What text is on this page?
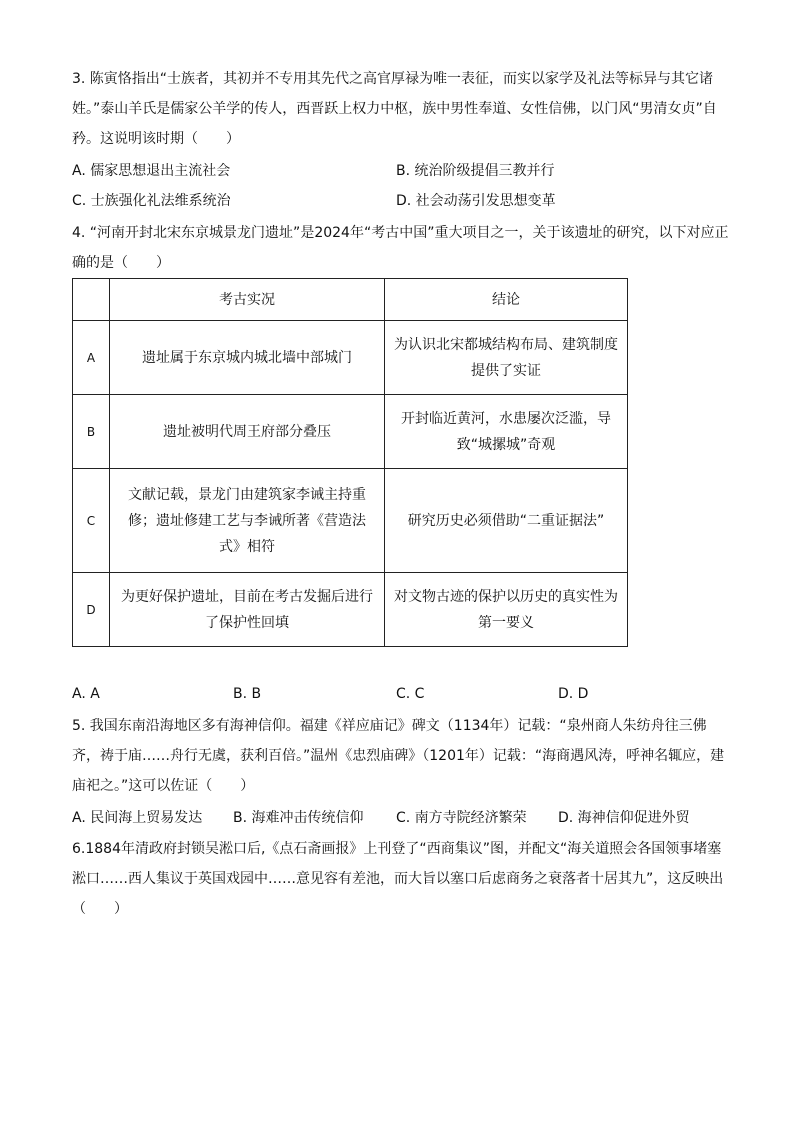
3. 陈寅恪指出“士族者，其初并不专用其先代之高官厚禄为唯一表征，而实以家学及礼法等标异与其它诸姓。”泰山羊氏是儒家公羊学的传人，西晋跃上权力中枢，族中男性奉道、女性信佛，以门风“男清女贞”自矜。这说明该时期（　　）

A. 儒家思想退出主流社会	B. 统治阶级提倡三教并行
C. 士族强化礼法维系统治	D. 社会动荡引发思想变革

4. “河南开封北宋东京城景龙门遗址”是2024年“考古中国”重大项目之一，关于该遗址的研究，以下对应正确的是（　　）

	考古实况	结论
A	遗址属于东京城内城北墙中部城门	为认识北宋都城结构布局、建筑制度提供了实证
B	遗址被明代周王府部分叠压	开封临近黄河，水患屡次泛滥，导致“城摞城”奇观
C	文献记载，景龙门由建筑家李诫主持重修；遗址修建工艺与李诫所著《营造法式》相符	研究历史必须借助“二重证据法”
D	为更好保护遗址，目前在考古发掘后进行了保护性回填	对文物古迹的保护以历史的真实性为第一要义
A. A	B. B	C. C	D. D

5. 我国东南沿海地区多有海神信仰。福建《祥应庙记》碑文（1134年）记载：“泉州商人朱纺舟往三佛齐，祷于庙……舟行无虞，获利百倍。”温州《忠烈庙碑》（1201年）记载：“海商遇风涛，呼神名辄应，建庙祀之。”这可以佐证（　　）

A. 民间海上贸易发达 B. 海难冲击传统信仰 C. 南方寺院经济繁荣 D. 海神信仰促进外贸

6.1884年清政府封锁吴淞口后,《点石斋画报》上刊登了“西商集议”图，并配文“海关道照会各国领事堵塞淞口……西人集议于英国戏园中……意见容有差池，而大旨以塞口后虑商务之衰落者十居其九”，这反映出（　　）
